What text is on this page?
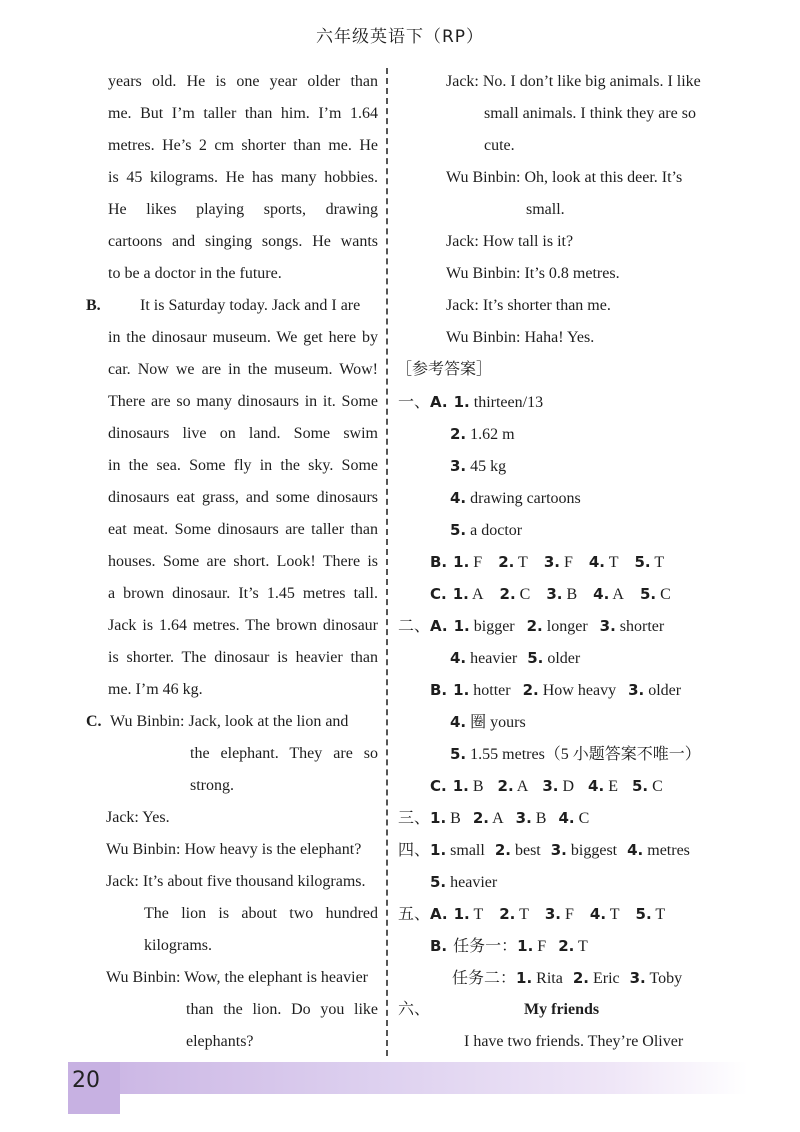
六年级英语下（RP）
years old. He is one year older than
me. But I’m taller than him. I’m 1.64
metres. He’s 2 cm shorter than me. He
is 45 kilograms. He has many hobbies.
He likes playing sports, drawing
cartoons and singing songs. He wants
to be a doctor in the future.
B. It is Saturday today. Jack and I are
in the dinosaur museum. We get here by
car. Now we are in the museum. Wow!
There are so many dinosaurs in it. Some
dinosaurs live on land. Some swim
in the sea. Some fly in the sky. Some
dinosaurs eat grass, and some dinosaurs
eat meat. Some dinosaurs are taller than
houses. Some are short. Look! There is
a brown dinosaur. It’s 1.45 metres tall.
Jack is 1.64 metres. The brown dinosaur
is shorter. The dinosaur is heavier than
me. I’m 46 kg.
C. Wu Binbin: Jack, look at the lion and
the elephant. They are so
strong.
Jack: Yes.
Wu Binbin: How heavy is the elephant?
Jack: It’s about five thousand kilograms.
The lion is about two hundred
kilograms.
Wu Binbin: Wow, the elephant is heavier
than the lion. Do you like
elephants?
Jack: No. I don’t like big animals. I like
small animals. I think they are so
cute.
Wu Binbin: Oh, look at this deer. It’s
small.
Jack: How tall is it?
Wu Binbin: It’s 0.8 metres.
Jack: It’s shorter than me.
Wu Binbin: Haha! Yes.
［参考答案］
一、A. 1. thirteen/13
2. 1.62 m
3. 45 kg
4. drawing cartoons
5. a doctor
B. 1. F 2. T 3. F 4. T 5. T
C. 1. A 2. C 3. B 4. A 5. C
二、A. 1. bigger 2. longer 3. shorter
4. heavier 5. older
B. 1. hotter 2. How heavy 3. older
4. 圈 yours
5. 1.55 metres（5 小题答案不唯一）
C. 1. B 2. A 3. D 4. E 5. C
三、1. B 2. A 3. B 4. C
四、1. small 2. best 3. biggest 4. metres
5. heavier
五、A. 1. T 2. T 3. F 4. T 5. T
B. 任务一：1. F 2. T
任务二：1. Rita 2. Eric 3. Toby
六、	My friends
I have two friends. They’re Oliver
20
